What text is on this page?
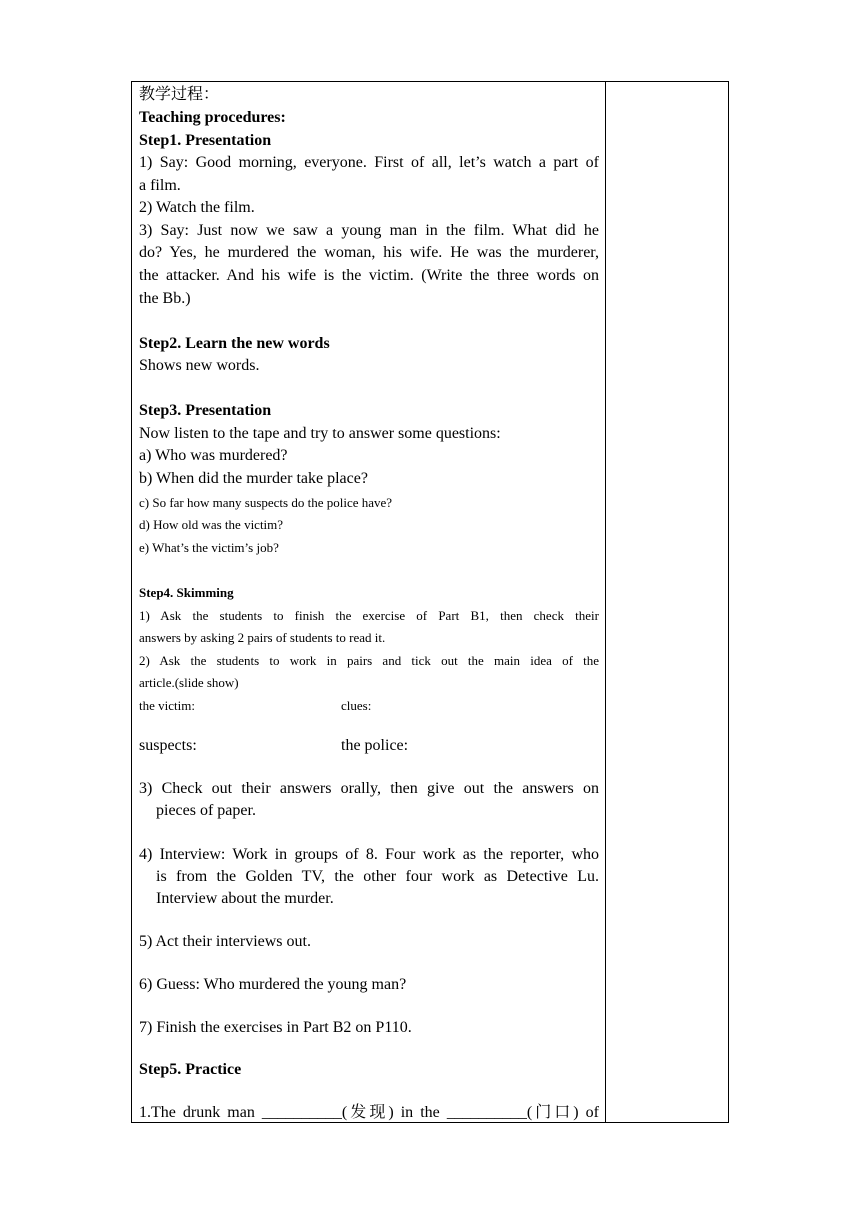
教学过程：
Teaching procedures:
Step1. Presentation
1) Say: Good morning, everyone. First of all, let’s watch a part of
a film.
2) Watch the film.
3) Say: Just now we saw a young man in the film. What did he
do? Yes, he murdered the woman, his wife. He was the murderer,
the attacker. And his wife is the victim. (Write the three words on
the Bb.)
Step2. Learn the new words
Shows new words.
Step3. Presentation
Now listen to the tape and try to answer some questions:
a) Who was murdered?
b) When did the murder take place?
c) So far how many suspects do the police have?
d) How old was the victim?
e) What’s the victim’s job?
Step4. Skimming
1) Ask the students to finish the exercise of Part B1, then check their
answers by asking 2 pairs of students to read it.
2) Ask the students to work in pairs and tick out the main idea of the
article.(slide show)
the victim:	clues:
suspects:	the police:
3) Check out their answers orally, then give out the answers on
pieces of paper.
4) Interview: Work in groups of 8. Four work as the reporter, who
is from the Golden TV, the other four work as Detective Lu.
Interview about the murder.
5) Act their interviews out.
6) Guess: Who murdered the young man?
7) Finish the exercises in Part B2 on P110.
Step5. Practice
1.The drunk man __________(发现) in the __________(门口) of
